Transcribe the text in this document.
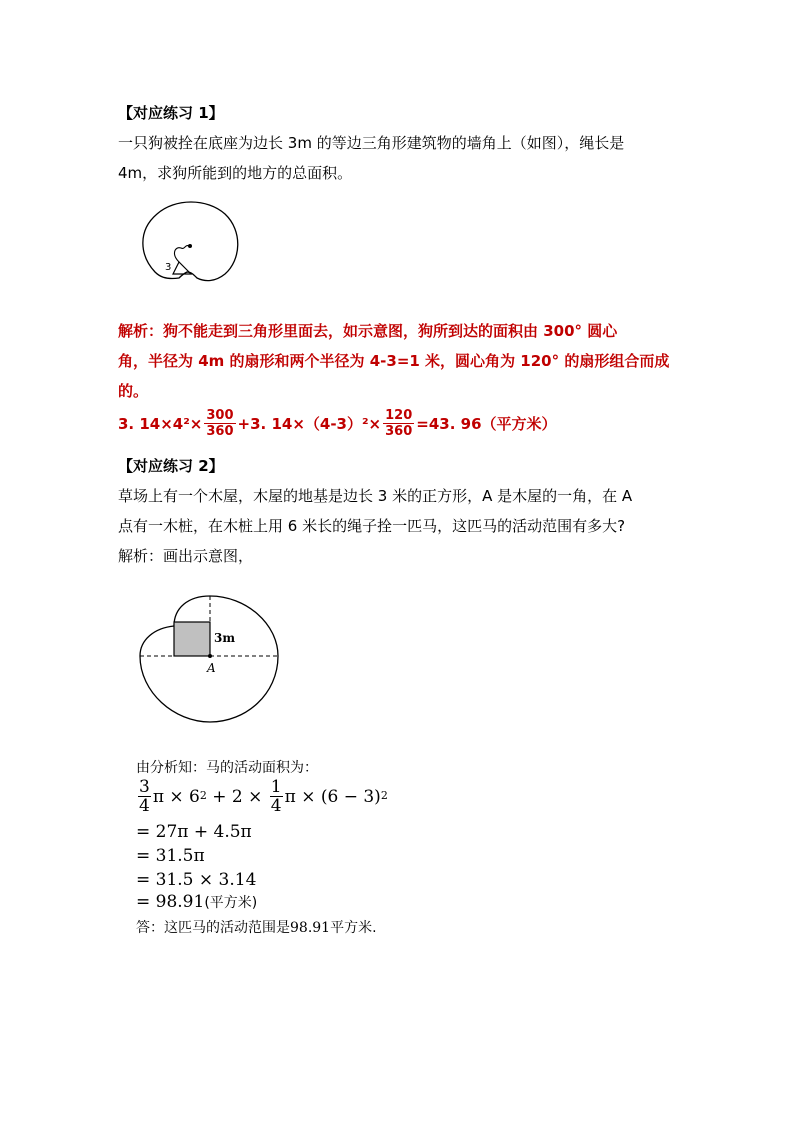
【对应练习 1】
一只狗被拴在底座为边长 3m 的等边三角形建筑物的墙角上（如图），绳长是
4m，求狗所能到的地方的总面积。
3
解析：狗不能走到三角形里面去，如示意图，狗所到达的面积由 300° 圆心
角，半径为 4m 的扇形和两个半径为 4-3=1 米，圆心角为 120° 的扇形组合而成
的。
3. $14\times 4^2\times \frac{300}{360} +3$. $14\times(4-3)^2\times \frac{120}{360} =43$. 96（平方米）
【对应练习 2】
草场上有一个木屋，木屋的地基是边长 3 米的正方形，A 是木屋的一角，在 A
点有一木桩，在木桩上用 6 米长的绳子拴一匹马，这匹马的活动范围有多大?
解析：画出示意图，
3m
A
由分析知：马的活动面积为：
$\frac{3}{4}$ π × 6 $2 + 2 \times \frac{1}{4}$ π × (6 − 3) 2
= 27π + 4.5π
= 31.5π
= 31.5 × 3.14
= 98.91(平方米)
答：这匹马的活动范围是98.91平方米.
